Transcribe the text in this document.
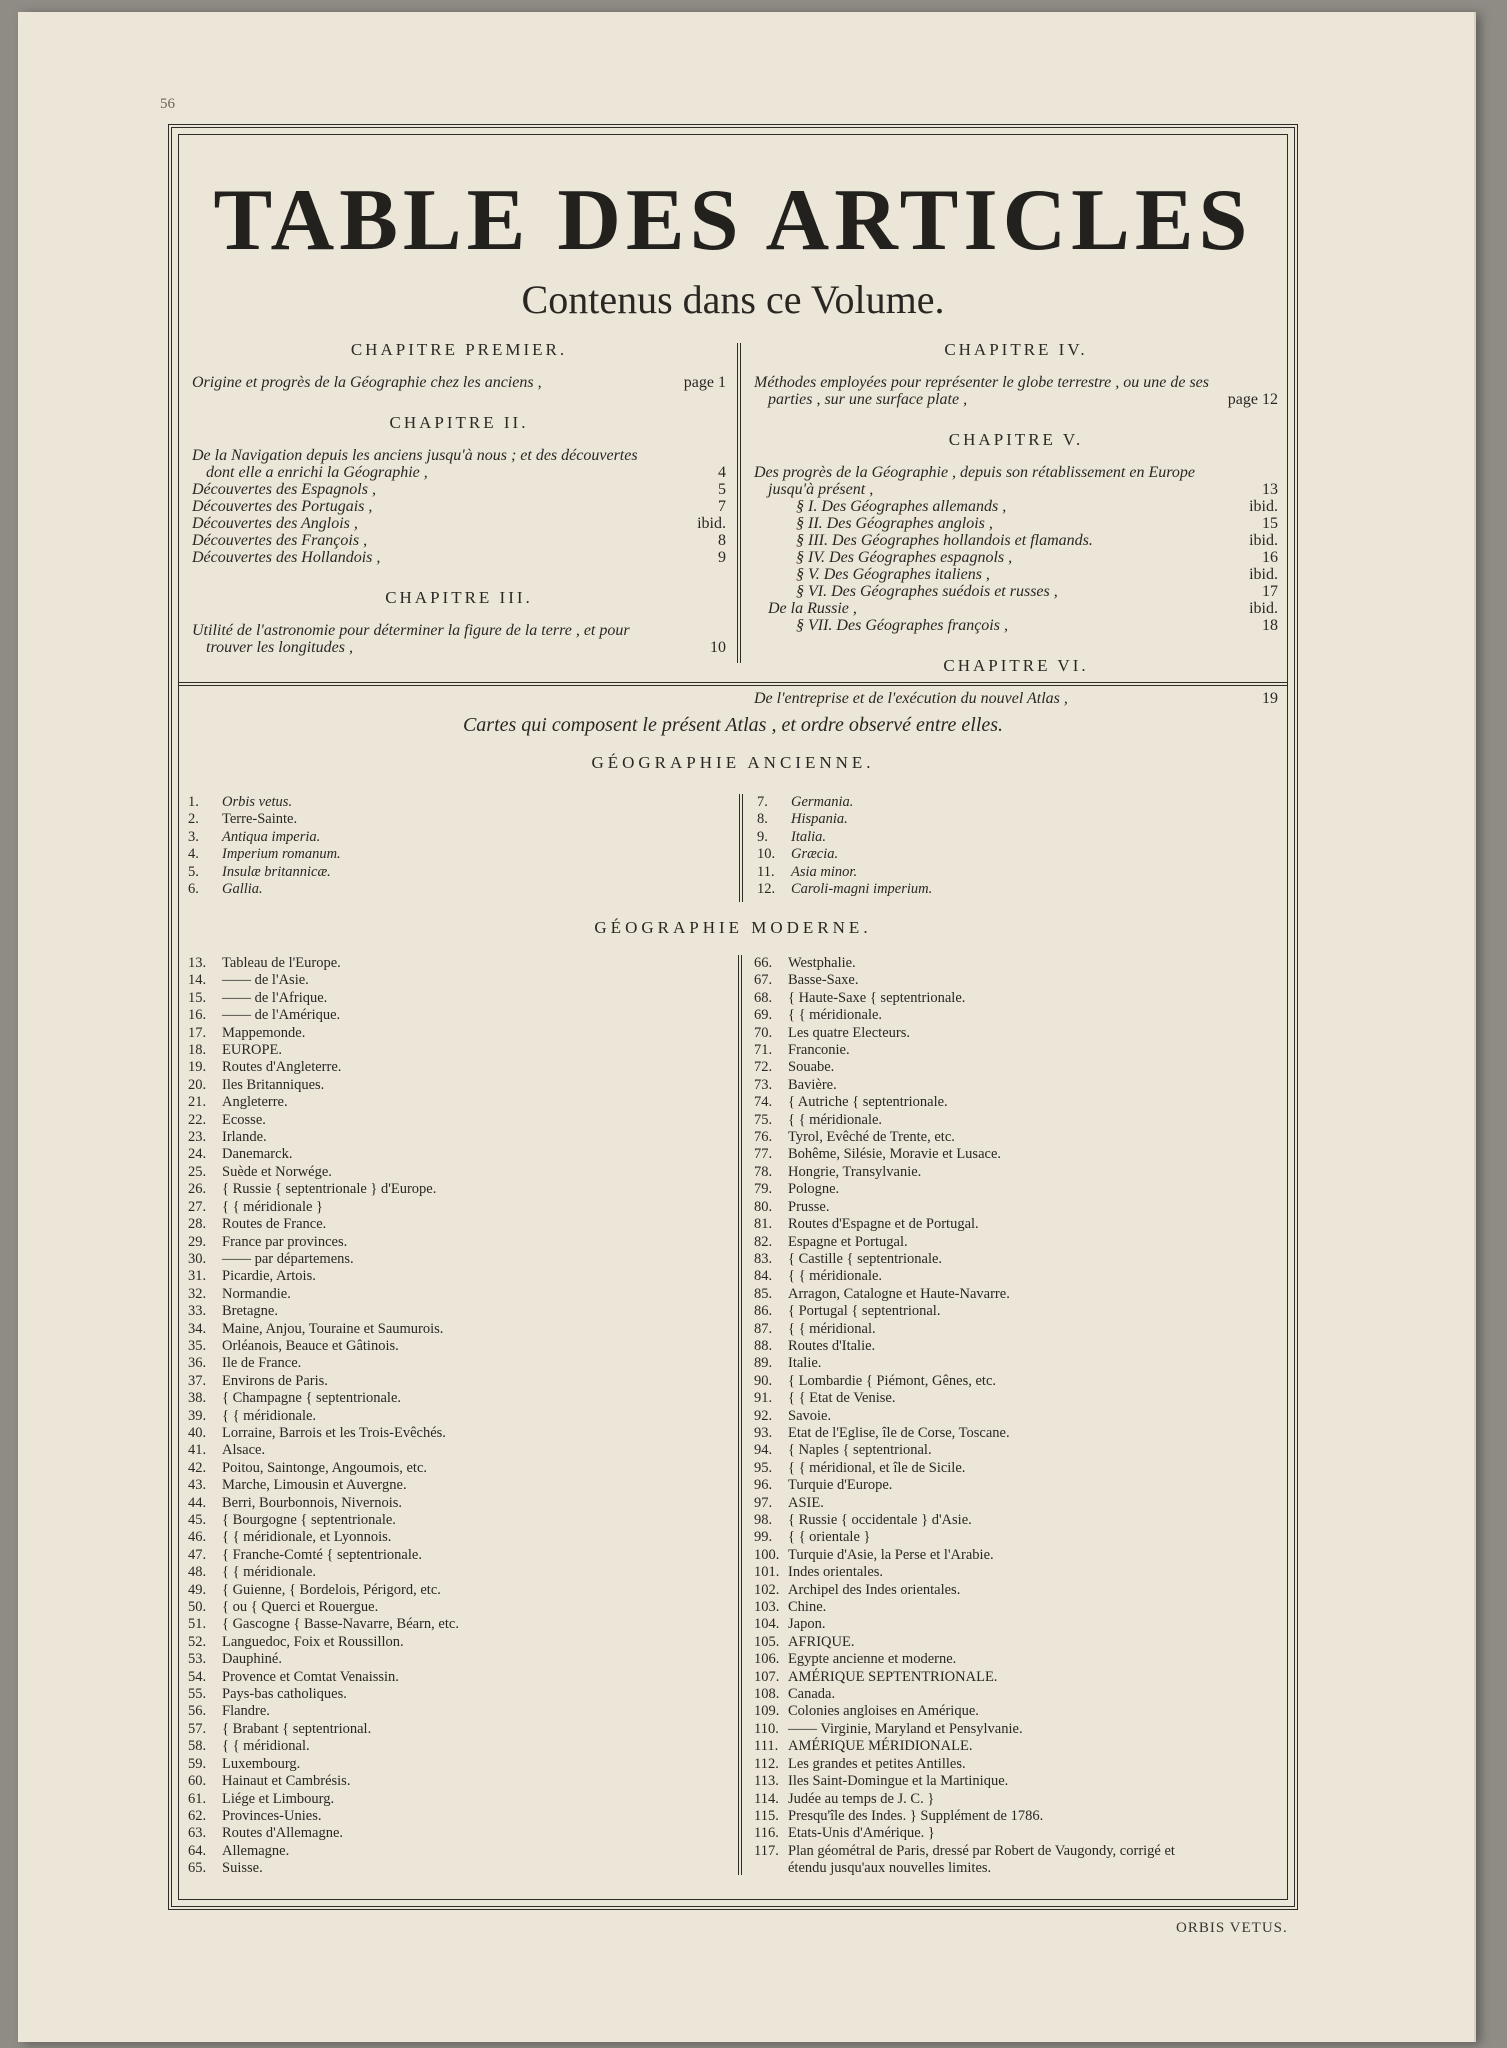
56
TABLE DES ARTICLES
Contenus dans ce Volume.
CHAPITRE PREMIER.
Origine et progrès de la Géographie chez les anciens ,	page 1
CHAPITRE II.
De la Navigation depuis les anciens jusqu'à nous ; et des découvertes
dont elle a enrichi la Géographie ,	4
Découvertes des Espagnols ,	5
Découvertes des Portugais ,	7
Découvertes des Anglois ,	ibid.
Découvertes des François ,	8
Découvertes des Hollandois ,	9
CHAPITRE III.
Utilité de l'astronomie pour déterminer la figure de la terre , et pour
trouver les longitudes ,	10
CHAPITRE IV.
Méthodes employées pour représenter le globe terrestre , ou une de ses
parties , sur une surface plate ,	page 12
CHAPITRE V.
Des progrès de la Géographie , depuis son rétablissement en Europe
jusqu'à présent ,	13
§ I. Des Géographes allemands ,	ibid.
§ II. Des Géographes anglois ,	15
§ III. Des Géographes hollandois et flamands.	ibid.
§ IV. Des Géographes espagnols ,	16
§ V. Des Géographes italiens ,	ibid.
§ VI. Des Géographes suédois et russes ,	17
De la Russie ,	ibid.
§ VII. Des Géographes françois ,	18
CHAPITRE VI.
De l'entreprise et de l'exécution du nouvel Atlas ,	19
Cartes qui composent le présent Atlas , et ordre observé entre elles.
GÉOGRAPHIE ANCIENNE.
1.	Orbis vetus.
2.	Terre-Sainte.
3.	Antiqua imperia.
4.	Imperium romanum.
5.	Insulæ britannicæ.
6.	Gallia.
7.	Germania.
8.	Hispania.
9.	Italia.
10.	Græcia.
11.	Asia minor.
12.	Caroli-magni imperium.
GÉOGRAPHIE MODERNE.
13.	Tableau de l'Europe.
14.	—— de l'Asie.
15.	—— de l'Afrique.
16.	—— de l'Amérique.
17.	Mappemonde.
18.	EUROPE.
19.	Routes d'Angleterre.
20.	Iles Britanniques.
21.	Angleterre.
22.	Ecosse.
23.	Irlande.
24.	Danemarck.
25.	Suède et Norwége.
26.	{ Russie { septentrionale } d'Europe.
27.	{ { méridionale }
28.	Routes de France.
29.	France par provinces.
30.	—— par départemens.
31.	Picardie, Artois.
32.	Normandie.
33.	Bretagne.
34.	Maine, Anjou, Touraine et Saumurois.
35.	Orléanois, Beauce et Gâtinois.
36.	Ile de France.
37.	Environs de Paris.
38.	{ Champagne { septentrionale.
39.	{ { méridionale.
40.	Lorraine, Barrois et les Trois-Evêchés.
41.	Alsace.
42.	Poitou, Saintonge, Angoumois, etc.
43.	Marche, Limousin et Auvergne.
44.	Berri, Bourbonnois, Nivernois.
45.	{ Bourgogne { septentrionale.
46.	{ { méridionale, et Lyonnois.
47.	{ Franche-Comté { septentrionale.
48.	{ { méridionale.
49.	{ Guienne, { Bordelois, Périgord, etc.
50.	{ ou { Querci et Rouergue.
51.	{ Gascogne { Basse-Navarre, Béarn, etc.
52.	Languedoc, Foix et Roussillon.
53.	Dauphiné.
54.	Provence et Comtat Venaissin.
55.	Pays-bas catholiques.
56.	Flandre.
57.	{ Brabant { septentrional.
58.	{ { méridional.
59.	Luxembourg.
60.	Hainaut et Cambrésis.
61.	Liége et Limbourg.
62.	Provinces-Unies.
63.	Routes d'Allemagne.
64.	Allemagne.
65.	Suisse.
66.	Westphalie.
67.	Basse-Saxe.
68.	{ Haute-Saxe { septentrionale.
69.	{ { méridionale.
70.	Les quatre Electeurs.
71.	Franconie.
72.	Souabe.
73.	Bavière.
74.	{ Autriche { septentrionale.
75.	{ { méridionale.
76.	Tyrol, Evêché de Trente, etc.
77.	Bohême, Silésie, Moravie et Lusace.
78.	Hongrie, Transylvanie.
79.	Pologne.
80.	Prusse.
81.	Routes d'Espagne et de Portugal.
82.	Espagne et Portugal.
83.	{ Castille { septentrionale.
84.	{ { méridionale.
85.	Arragon, Catalogne et Haute-Navarre.
86.	{ Portugal { septentrional.
87.	{ { méridional.
88.	Routes d'Italie.
89.	Italie.
90.	{ Lombardie { Piémont, Gênes, etc.
91.	{ { Etat de Venise.
92.	Savoie.
93.	Etat de l'Eglise, île de Corse, Toscane.
94.	{ Naples { septentrional.
95.	{ { méridional, et île de Sicile.
96.	Turquie d'Europe.
97.	ASIE.
98.	{ Russie { occidentale } d'Asie.
99.	{ { orientale }
100. Turquie d'Asie, la Perse et l'Arabie.
101. Indes orientales.
102. Archipel des Indes orientales.
103. Chine.
104. Japon.
105. AFRIQUE.
106. Egypte ancienne et moderne.
107. AMÉRIQUE SEPTENTRIONALE.
108. Canada.
109. Colonies angloises en Amérique.
110. —— Virginie, Maryland et Pensylvanie.
111. AMÉRIQUE MÉRIDIONALE.
112. Les grandes et petites Antilles.
113. Iles Saint-Domingue et la Martinique.
114. Judée au temps de J. C. }
115. Presqu'île des Indes. } Supplément de 1786.
116. Etats-Unis d'Amérique. }
117. Plan géométral de Paris, dressé par Robert de Vaugondy, corrigé et
étendu jusqu'aux nouvelles limites.
ORBIS VETUS.
